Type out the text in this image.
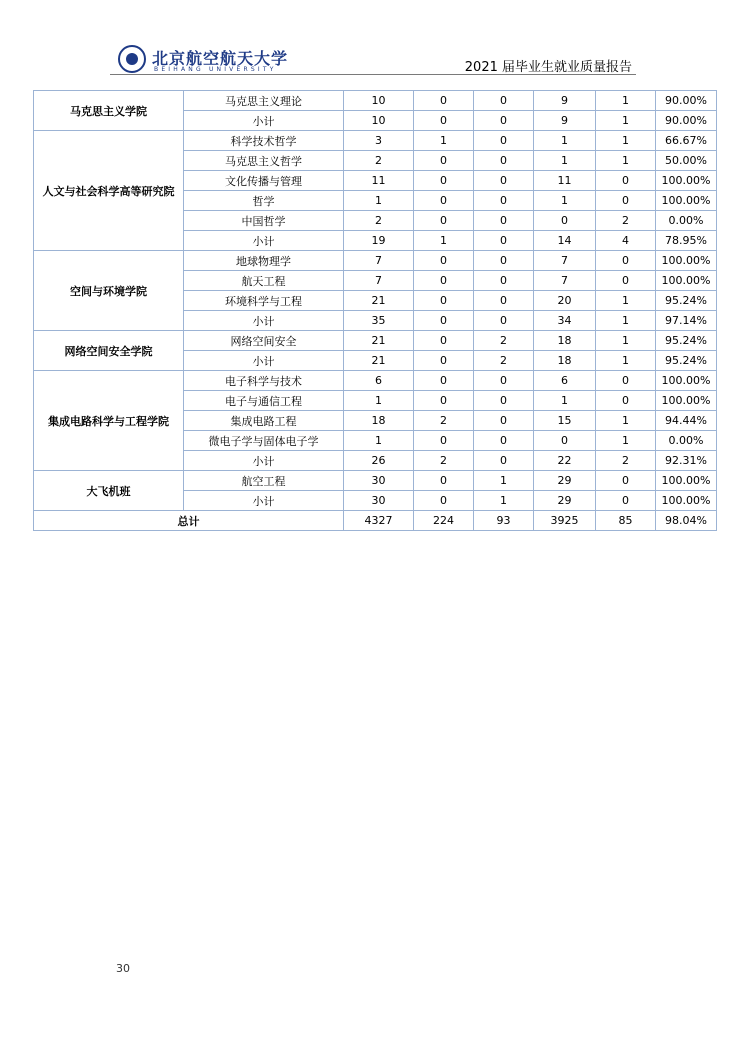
北京航空航天大学
BEIHANG UNIVERSITY	2021 届毕业生就业质量报告
马克思主义学院	马克思主义理论	10	0	0	9	1	90.00%
	小计	10	0	0	9	1	90.00%
人文与社会科学高等研究院	科学技术哲学	3	1	0	1	1	66.67%
	马克思主义哲学	2	0	0	1	1	50.00%
	文化传播与管理	11	0	0	11	0	100.00%
	哲学	1	0	0	1	0	100.00%
	中国哲学	2	0	0	0	2	0.00%
	小计	19	1	0	14	4	78.95%
空间与环境学院	地球物理学	7	0	0	7	0	100.00%
	航天工程	7	0	0	7	0	100.00%
	环境科学与工程	21	0	0	20	1	95.24%
	小计	35	0	0	34	1	97.14%
网络空间安全学院	网络空间安全	21	0	2	18	1	95.24%
	小计	21	0	2	18	1	95.24%
集成电路科学与工程学院	电子科学与技术	6	0	0	6	0	100.00%
	电子与通信工程	1	0	0	1	0	100.00%
	集成电路工程	18	2	0	15	1	94.44%
	微电子学与固体电子学	1	0	0	0	1	0.00%
	小计	26	2	0	22	2	92.31%
大飞机班	航空工程	30	0	1	29	0	100.00%
	小计	30	0	1	29	0	100.00%
总计		4327	224	93	3925	85	98.04%
30
